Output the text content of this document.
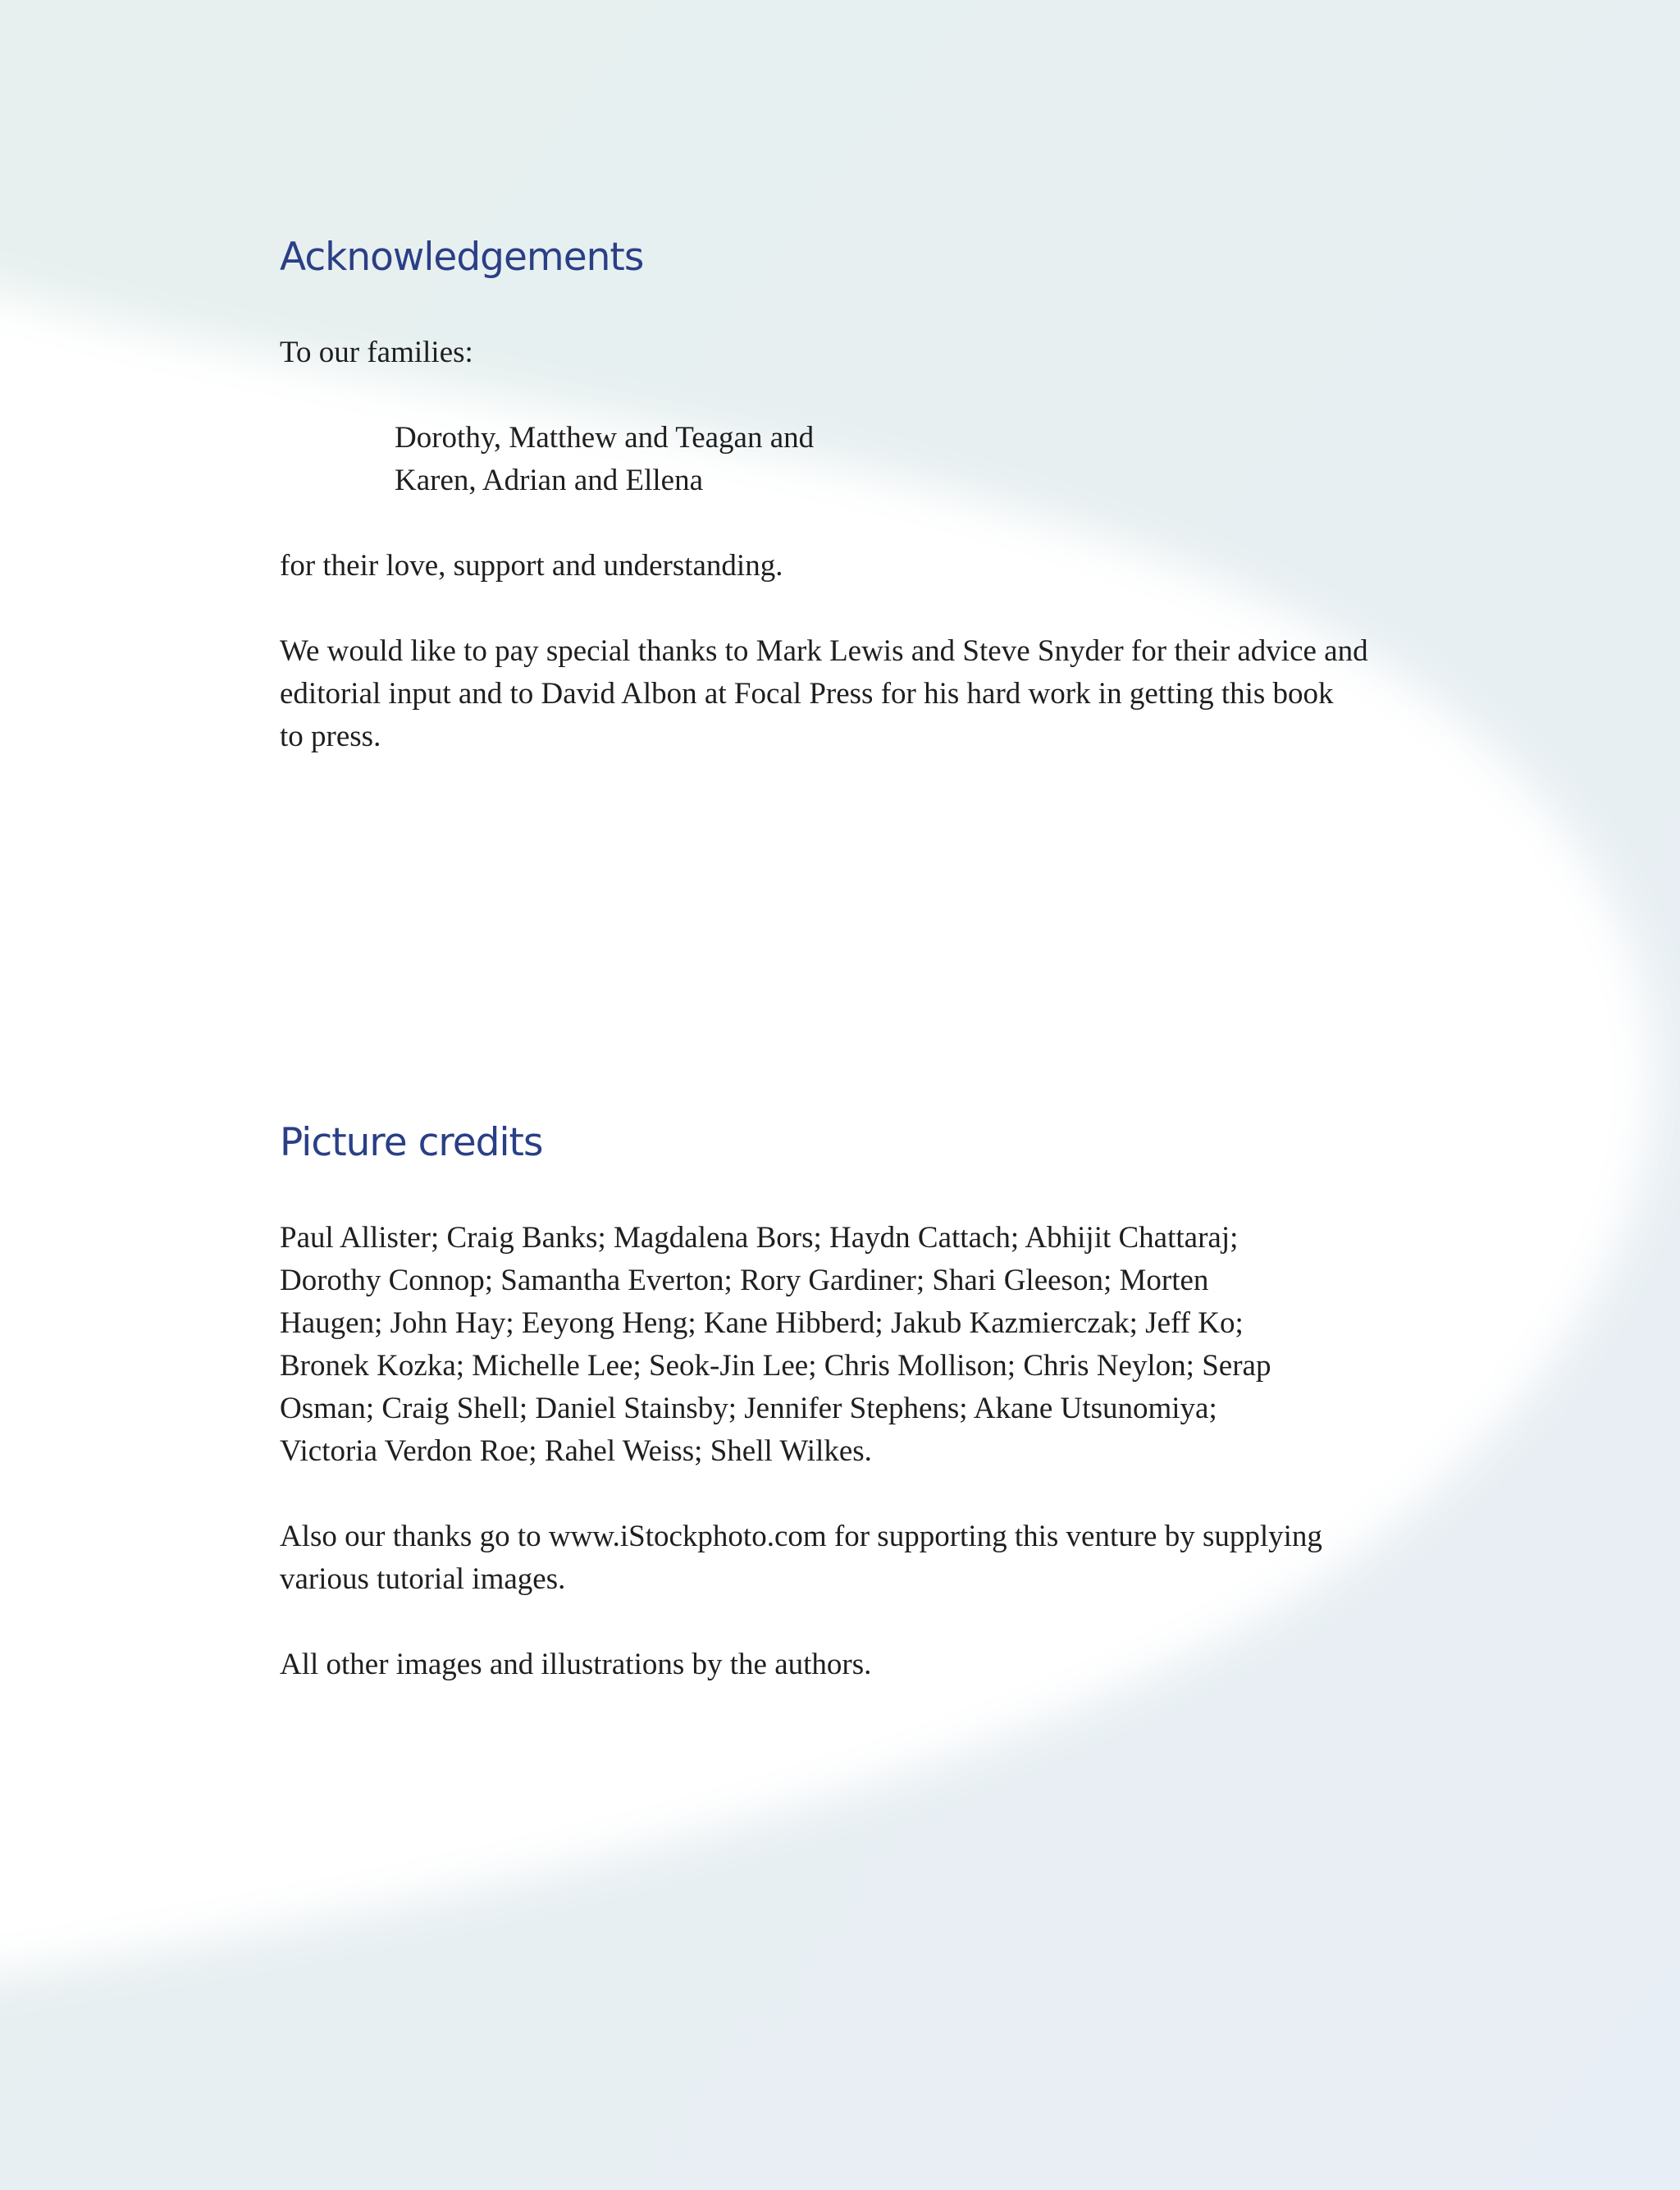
Acknowledgements

To our families:

Dorothy, Matthew and Teagan and
Karen, Adrian and Ellena

for their love, support and understanding.

We would like to pay special thanks to Mark Lewis and Steve Snyder for their advice and
editorial input and to David Albon at Focal Press for his hard work in getting this book
to press.

Picture credits

Paul Allister; Craig Banks; Magdalena Bors; Haydn Cattach; Abhijit Chattaraj;
Dorothy Connop; Samantha Everton; Rory Gardiner; Shari Gleeson; Morten
Haugen; John Hay; Eeyong Heng; Kane Hibberd; Jakub Kazmierczak; Jeff Ko;
Bronek Kozka; Michelle Lee; Seok-Jin Lee; Chris Mollison; Chris Neylon; Serap
Osman; Craig Shell; Daniel Stainsby; Jennifer Stephens; Akane Utsunomiya;
Victoria Verdon Roe; Rahel Weiss; Shell Wilkes.

Also our thanks go to www.iStockphoto.com for supporting this venture by supplying
various tutorial images.

All other images and illustrations by the authors.
